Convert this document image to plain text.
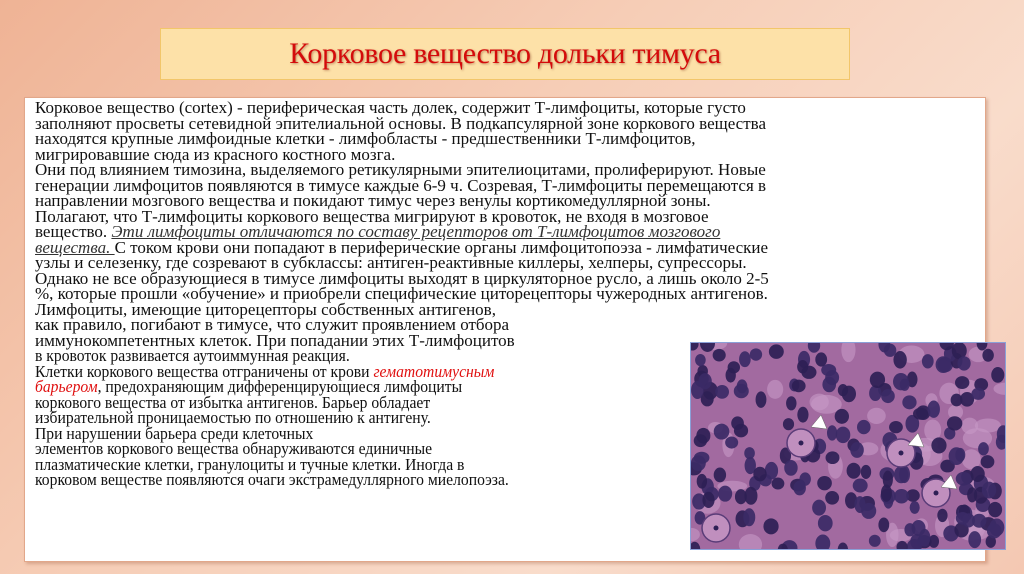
Корковое вещество дольки тимуса
Корковое вещество (cortex) - периферическая часть долек, содержит Т-лимфоциты, которые густо
заполняют просветы сетевидной эпителиальной основы. В подкапсулярной зоне коркового вещества
находятся крупные лимфоидные клетки - лимфобласты - предшественники Т-лимфоцитов,
мигрировавшие сюда из красного костного мозга.
Они под влиянием тимозина, выделяемого ретикулярными эпителиоцитами, пролиферируют. Новые
генерации лимфоцитов появляются в тимусе каждые 6-9 ч. Созревая, Т-лимфоциты перемещаются в
направлении мозгового вещества и покидают тимус через венулы кортикомедуллярной зоны.
Полагают, что Т-лимфоциты коркового вещества мигрируют в кровоток, не входя в мозговое
вещество. Эти лимфоциты отличаются по составу рецепторов от Т-лимфоцитов мозгового
вещества. С током крови они попадают в периферические органы лимфоцитопоэза - лимфатические
узлы и селезенку, где созревают в субклассы: антиген-реактивные киллеры, хелперы, супрессоры.
Однако не все образующиеся в тимусе лимфоциты выходят в циркуляторное русло, а лишь около 2-5
%, которые прошли «обучение» и приобрели специфические циторецепторы чужеродных антигенов.
Лимфоциты, имеющие циторецепторы собственных антигенов,
как правило, погибают в тимусе, что служит проявлением отбора
иммунокомпетентных клеток. При попадании этих Т-лимфоцитов
в кровоток развивается аутоиммунная реакция.
Клетки коркового вещества отграничены от крови гематотимусным
барьером, предохраняющим дифференцирующиеся лимфоциты
коркового вещества от избытка антигенов. Барьер обладает
избирательной проницаемостью по отношению к антигену.
При нарушении барьера среди клеточных
элементов коркового вещества обнаруживаются единичные
плазматические клетки, гранулоциты и тучные клетки. Иногда в
корковом веществе появляются очаги экстрамедуллярного миелопоэза.
